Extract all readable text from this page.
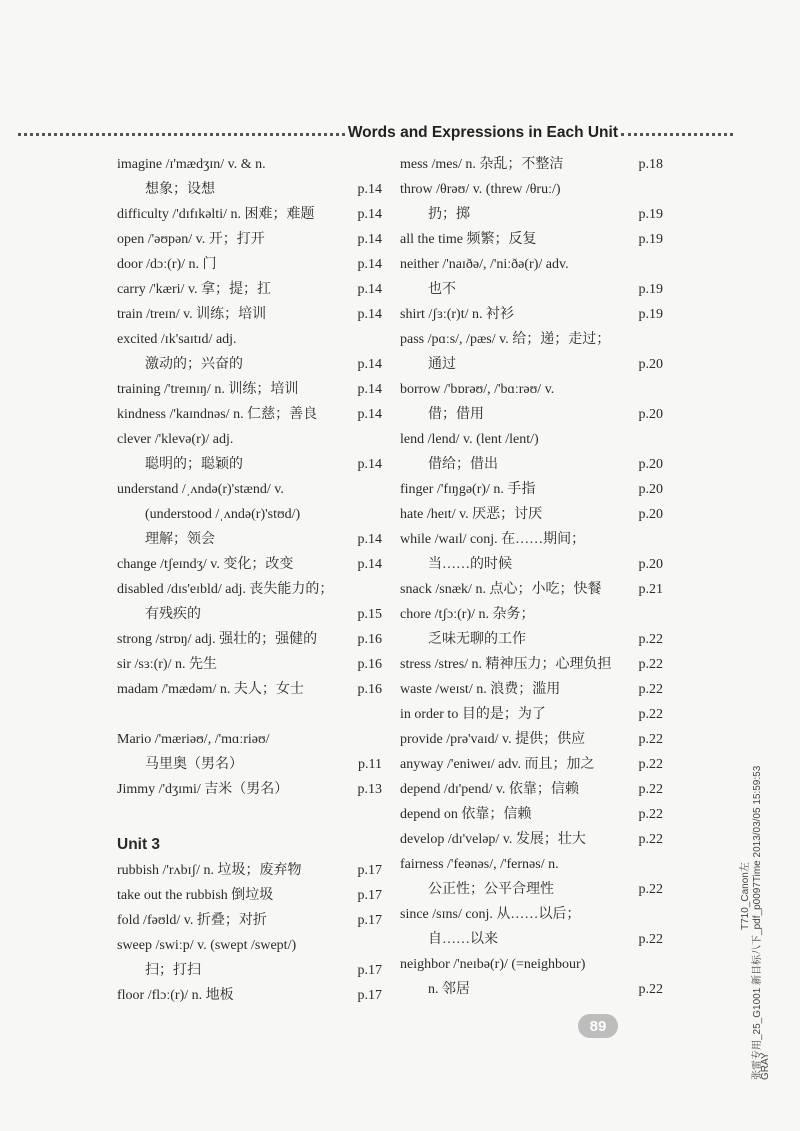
Words and Expressions in Each Unit
imagine /ɪ'mædʒɪn/ v. & n.
想象；设想	p.14
difficulty /'dɪfɪkəlti/ n. 困难；难题	p.14
open /'əʊpən/ v. 开；打开	p.14
door /dɔː(r)/ n. 门	p.14
carry /'kæri/ v. 拿；提；扛	p.14
train /treɪn/ v. 训练；培训	p.14
excited /ɪk'saɪtɪd/ adj.
激动的；兴奋的	p.14
training /'treɪnɪŋ/ n. 训练；培训	p.14
kindness /'kaɪndnəs/ n. 仁慈；善良	p.14
clever /'klevə(r)/ adj.
聪明的；聪颖的	p.14
understand /ˌʌndə(r)'stænd/ v.
(understood /ˌʌndə(r)'stʊd/)
理解；领会	p.14
change /tʃeɪndʒ/ v. 变化；改变	p.14
disabled /dɪs'eɪbld/ adj. 丧失能力的；
有残疾的	p.15
strong /strɒŋ/ adj. 强壮的；强健的	p.16
sir /sɜː(r)/ n. 先生	p.16
madam /'mædəm/ n. 夫人；女士	p.16
Mario /'mæriəʊ/, /'mɑːriəʊ/
马里奥（男名）	p.11
Jimmy /'dʒɪmi/ 吉米（男名）	p.13
Unit 3
rubbish /'rʌbɪʃ/ n. 垃圾；废弃物	p.17
take out the rubbish 倒垃圾	p.17
fold /fəʊld/ v. 折叠；对折	p.17
sweep /swiːp/ v. (swept /swept/)
扫；打扫	p.17
floor /flɔː(r)/ n. 地板	p.17
mess /mes/ n. 杂乱；不整洁	p.18
throw /θrəʊ/ v. (threw /θruː/)
扔；掷	p.19
all the time 频繁；反复	p.19
neither /'naɪðə/, /'niːðə(r)/ adv.
也不	p.19
shirt /ʃɜː(r)t/ n. 衬衫	p.19
pass /pɑːs/, /pæs/ v. 给；递；走过；
通过	p.20
borrow /'bɒrəʊ/, /'bɑːrəʊ/ v.
借；借用	p.20
lend /lend/ v. (lent /lent/)
借给；借出	p.20
finger /'fɪŋgə(r)/ n. 手指	p.20
hate /heɪt/ v. 厌恶；讨厌	p.20
while /waɪl/ conj. 在……期间；
当……的时候	p.20
snack /snæk/ n. 点心；小吃；快餐	p.21
chore /tʃɔː(r)/ n. 杂务；
乏味无聊的工作	p.22
stress /stres/ n. 精神压力；心理负担 p.22
waste /weɪst/ n. 浪费；滥用	p.22
in order to 目的是；为了	p.22
provide /prə'vaɪd/ v. 提供；供应	p.22
anyway /'eniweɪ/ adv. 而且；加之	p.22
depend /dɪ'pend/ v. 依靠；信赖	p.22
depend on 依靠；信赖	p.22
develop /dɪ'veləp/ v. 发展；壮大	p.22
fairness /'feənəs/, /'fernəs/ n.
公正性；公平合理性	p.22
since /sɪns/ conj. 从……以后；
自……以来	p.22
neighbor /'neɪbə(r)/ (=neighbour)
n. 邻居	p.22
89
T710_Canon左 张雷专用_25_G1001 新目标八下_pdf_p0097Time 2013/03/05 15:59:53
GRAY
